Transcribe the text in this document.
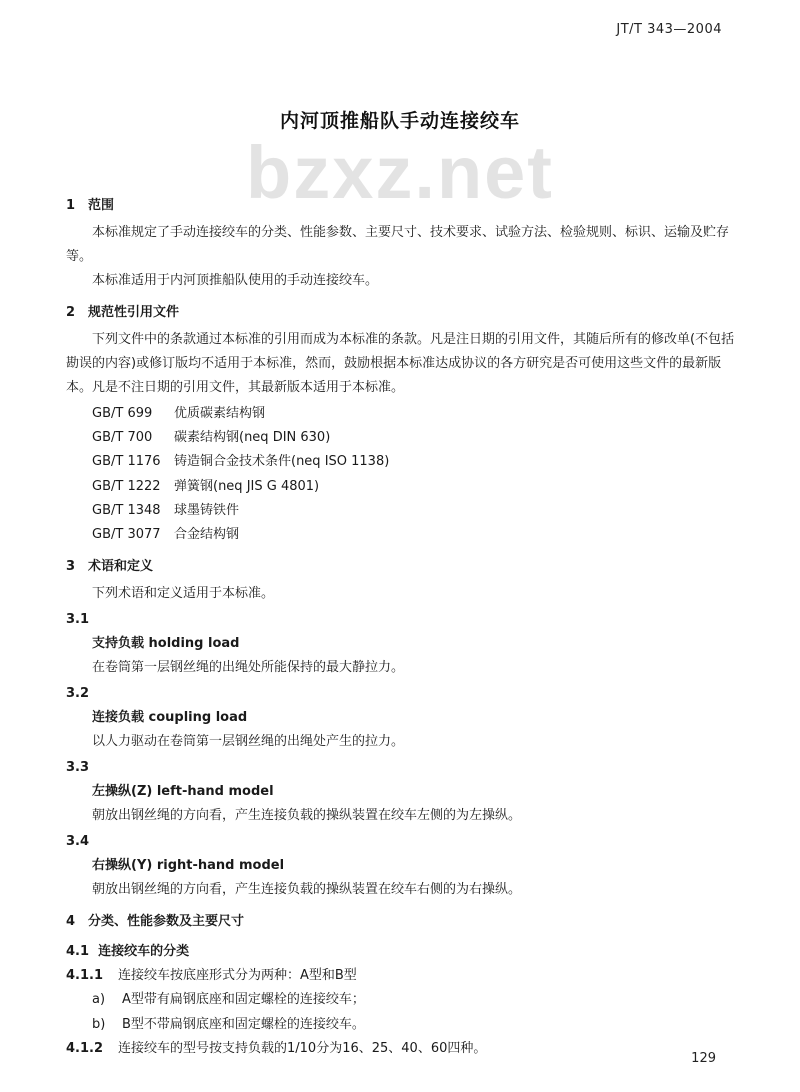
JT/T 343—2004
bzxz.net
内河顶推船队手动连接绞车
1 范围

本标准规定了手动连接绞车的分类、性能参数、主要尺寸、技术要求、试验方法、检验规则、标识、运输及贮存等。

本标准适用于内河顶推船队使用的手动连接绞车。

2 规范性引用文件

下列文件中的条款通过本标准的引用而成为本标准的条款。凡是注日期的引用文件，其随后所有的修改单(不包括勘误的内容)或修订版均不适用于本标准，然而，鼓励根据本标准达成协议的各方研究是否可使用这些文件的最新版本。凡是不注日期的引用文件，其最新版本适用于本标准。

GB/T 699 优质碳素结构钢
GB/T 700 碳素结构钢(neq DIN 630)
GB/T 1176 铸造铜合金技术条件(neq ISO 1138)
GB/T 1222 弹簧钢(neq JIS G 4801)
GB/T 1348 球墨铸铁件
GB/T 3077 合金结构钢
3 术语和定义

下列术语和定义适用于本标准。

3.1
支持负载 holding load
在卷筒第一层钢丝绳的出绳处所能保持的最大静拉力。
3.2
连接负载 coupling load
以人力驱动在卷筒第一层钢丝绳的出绳处产生的拉力。
3.3
左操纵(Z) left-hand model
朝放出钢丝绳的方向看，产生连接负载的操纵装置在绞车左侧的为左操纵。
3.4
右操纵(Y) right-hand model
朝放出钢丝绳的方向看，产生连接负载的操纵装置在绞车右侧的为右操纵。
4 分类、性能参数及主要尺寸
4.1 连接绞车的分类
4.1.1 连接绞车按底座形式分为两种：A型和B型
a) A型带有扁钢底座和固定螺栓的连接绞车；
b) B型不带扁钢底座和固定螺栓的连接绞车。
4.1.2 连接绞车的型号按支持负载的1/10分为16、25、40、60四种。
129
